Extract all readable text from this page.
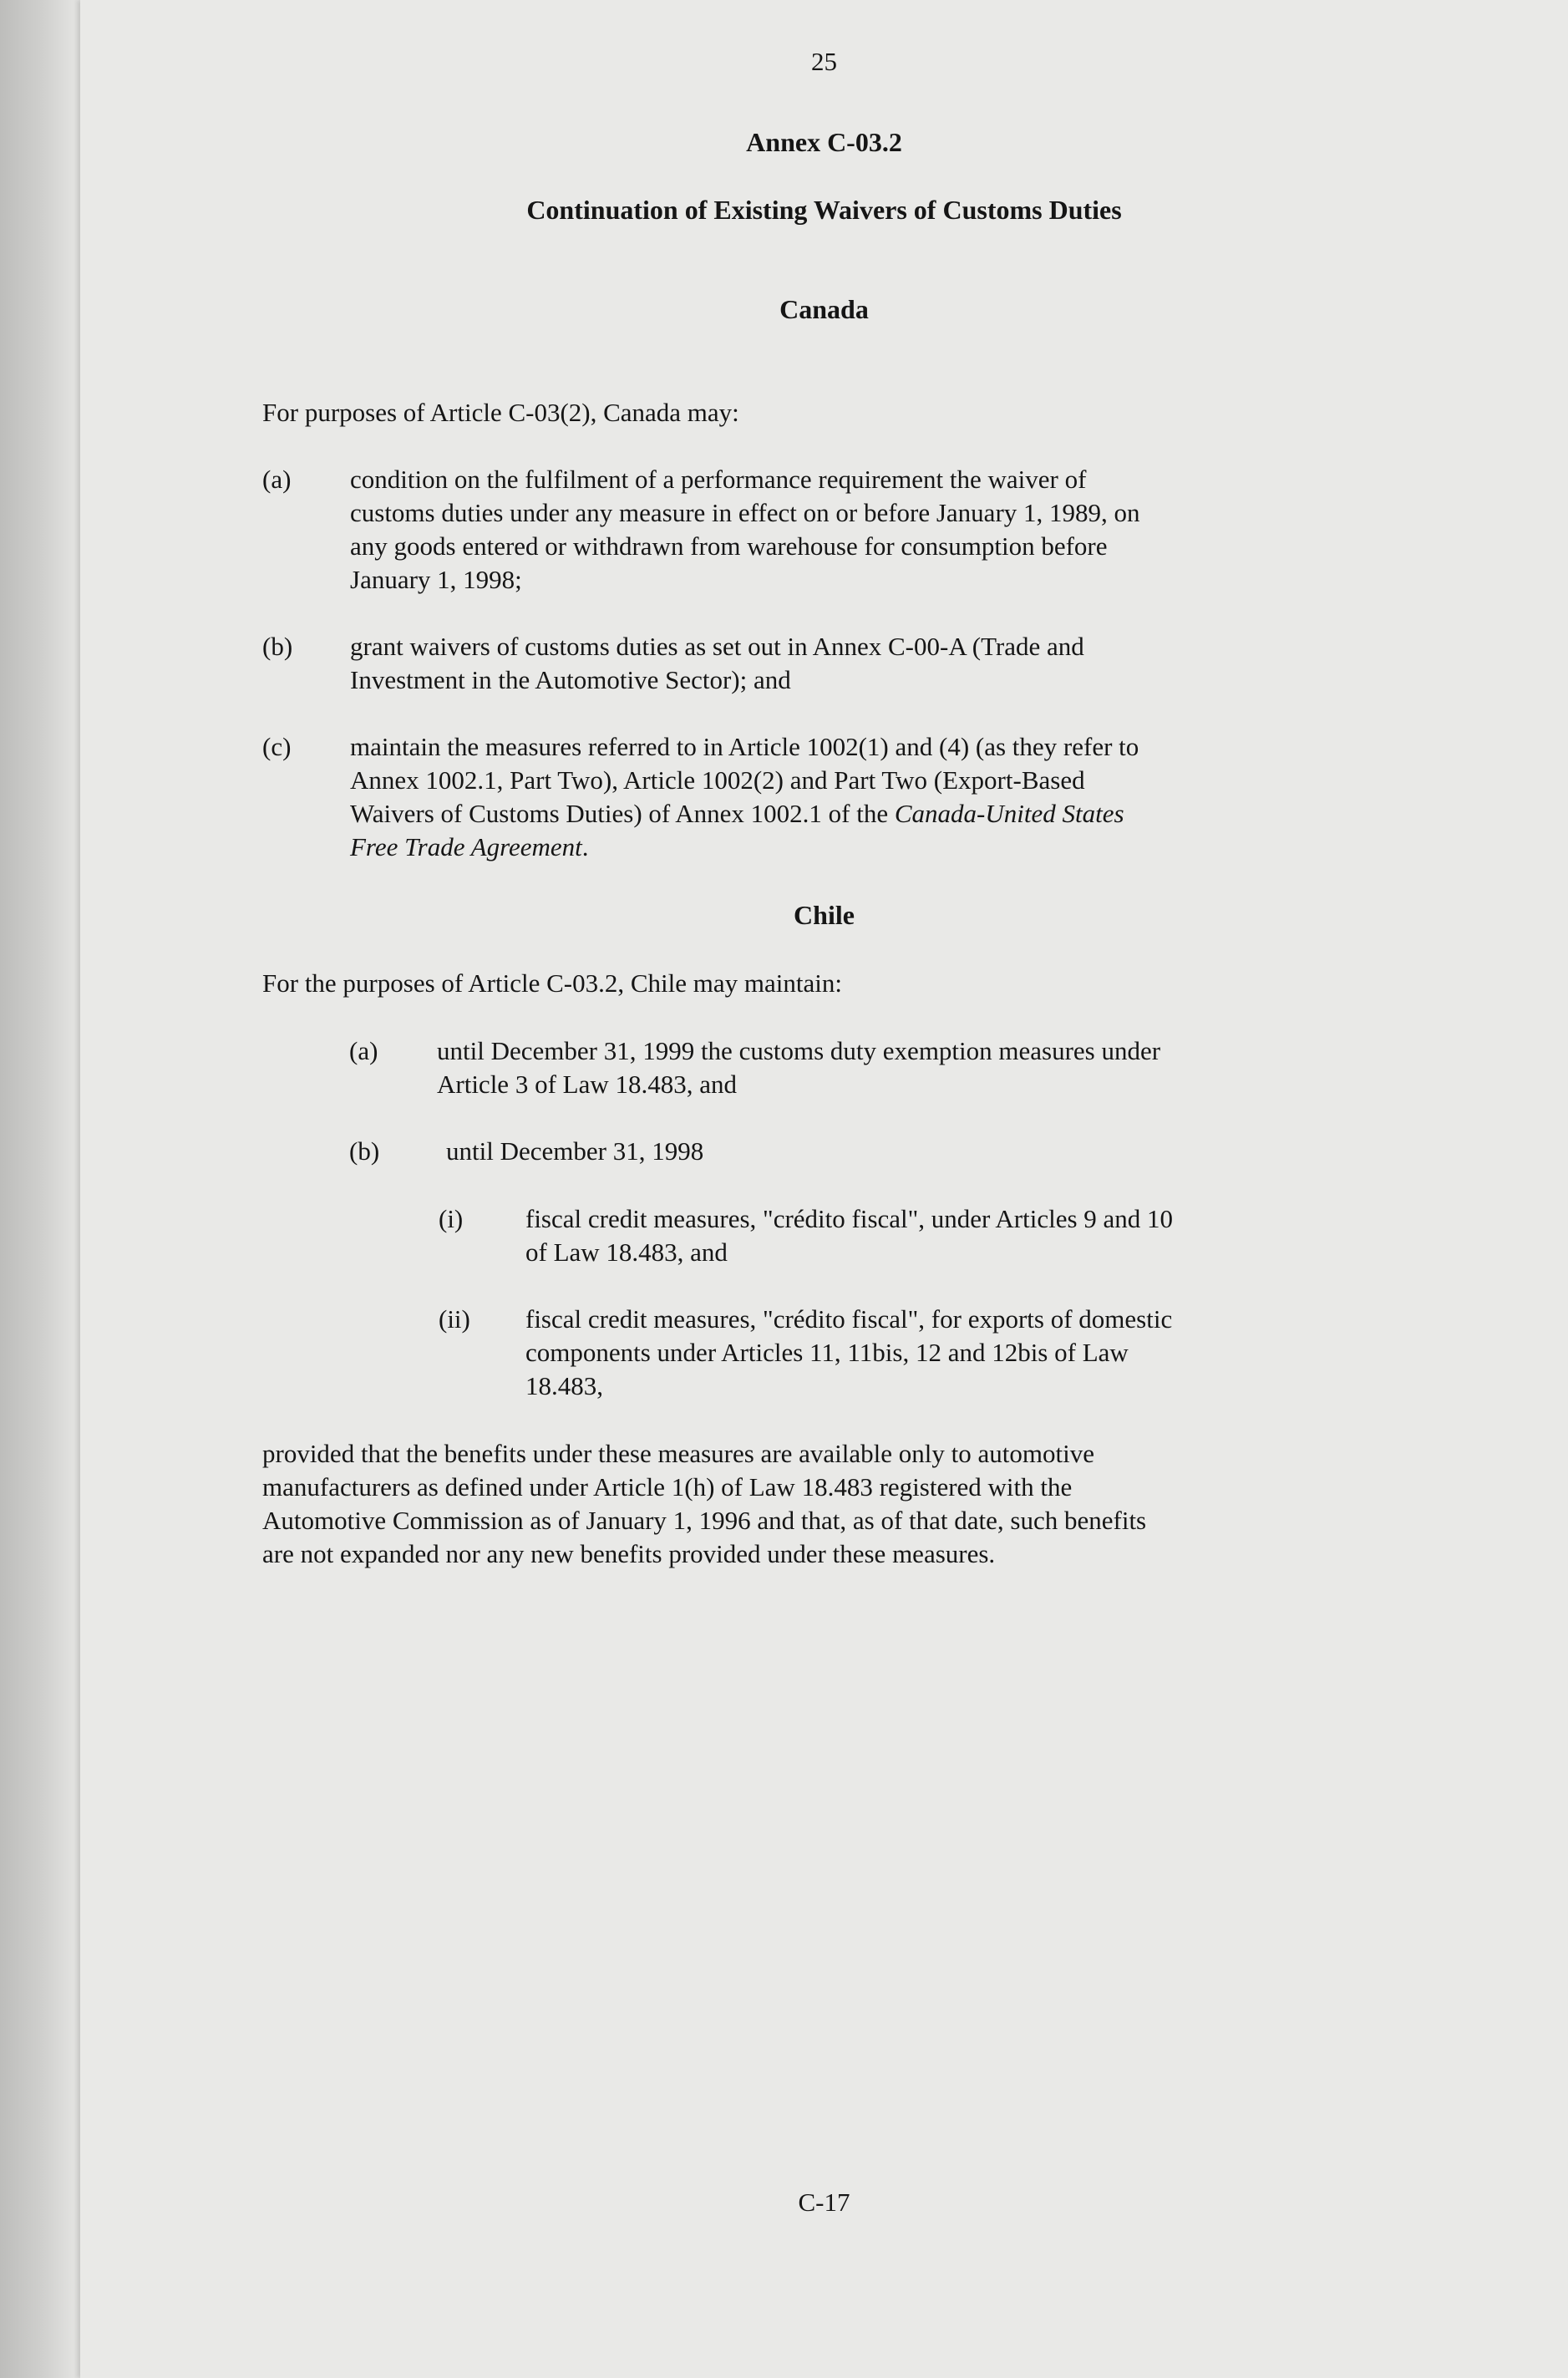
25
Annex C-03.2
Continuation of Existing Waivers of Customs Duties
Canada
For purposes of Article C-03(2), Canada may:
(a) condition on the fulfilment of a performance requirement the waiver of
customs duties under any measure in effect on or before January 1, 1989, on
any goods entered or withdrawn from warehouse for consumption before
January 1, 1998;
(b) grant waivers of customs duties as set out in Annex C-00-A (Trade and
Investment in the Automotive Sector); and
(c) maintain the measures referred to in Article 1002(1) and (4) (as they refer to
Annex 1002.1, Part Two), Article 1002(2) and Part Two (Export-Based
Waivers of Customs Duties) of Annex 1002.1 of the Canada-United States
Free Trade Agreement.
Chile
For the purposes of Article C-03.2, Chile may maintain:
(a) until December 31, 1999 the customs duty exemption measures under
Article 3 of Law 18.483, and
(b)	until December 31, 1998
(i) fiscal credit measures, "crédito fiscal", under Articles 9 and 10
of Law 18.483, and
(ii) fiscal credit measures, "crédito fiscal", for exports of domestic
components under Articles 11, 11bis, 12 and 12bis of Law
18.483,
provided that the benefits under these measures are available only to automotive
manufacturers as defined under Article 1(h) of Law 18.483 registered with the
Automotive Commission as of January 1, 1996 and that, as of that date, such benefits
are not expanded nor any new benefits provided under these measures.
C-17
